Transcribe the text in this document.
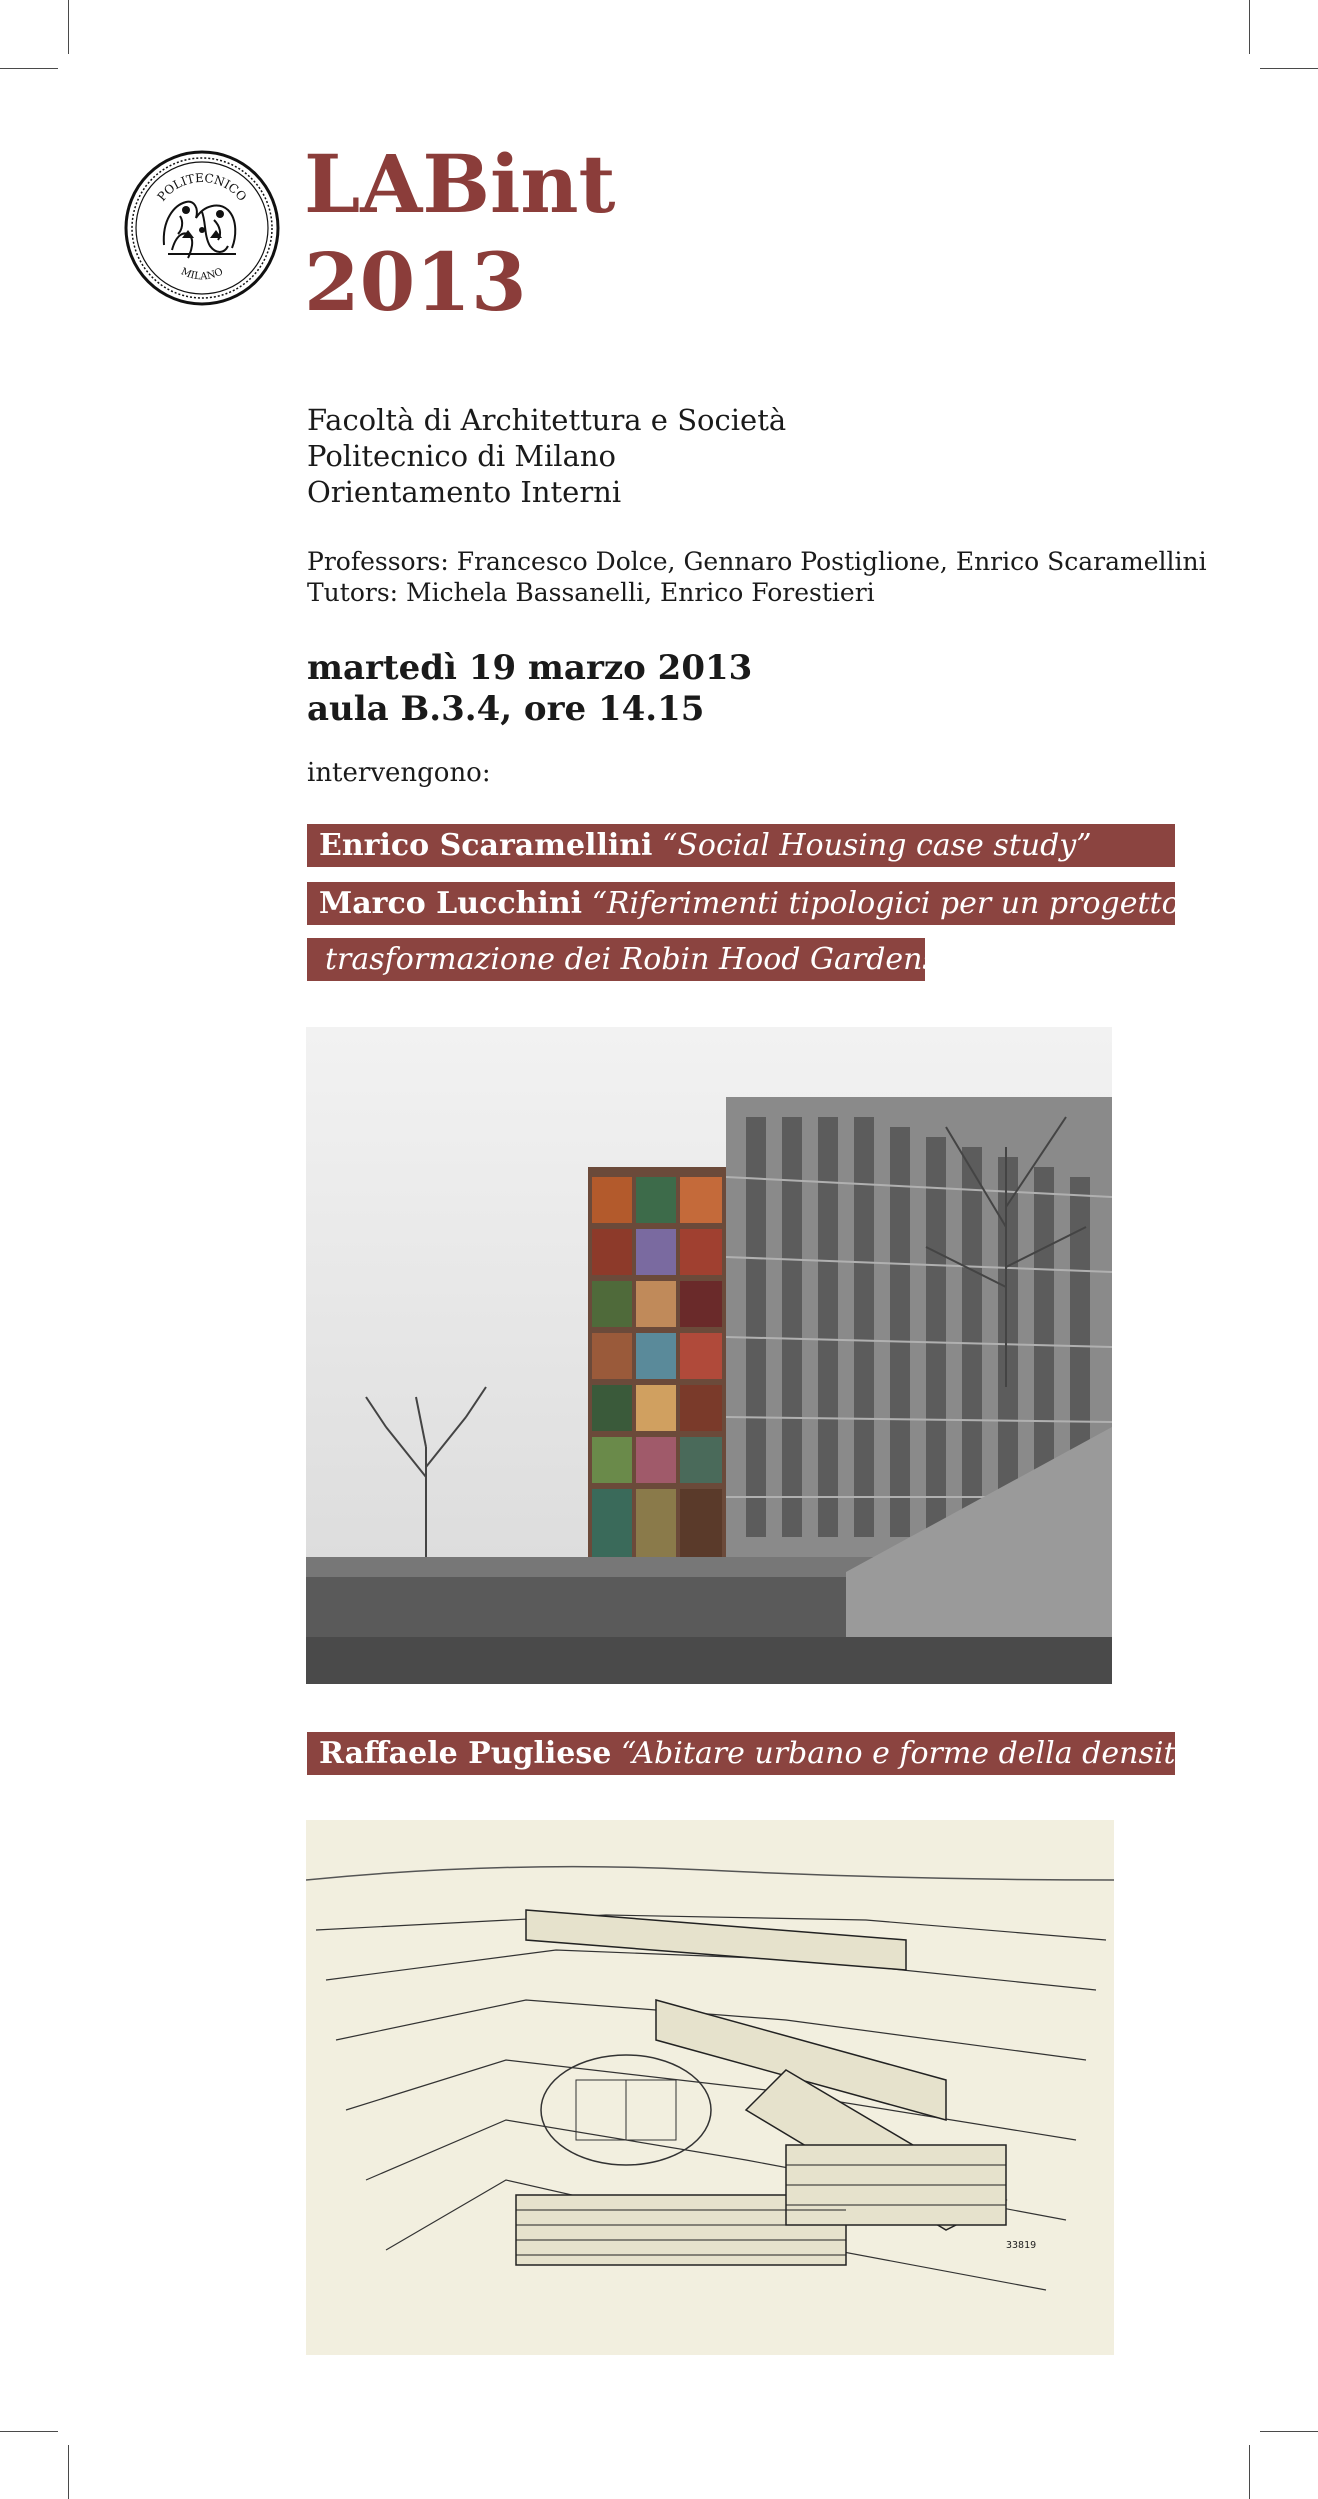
POLITECNICO
MILANO
LABint
2013
Facoltà di Architettura e Società
Politecnico di Milano
Orientamento Interni
Professors: Francesco Dolce, Gennaro Postiglione, Enrico Scaramellini
Tutors: Michela Bassanelli, Enrico Forestieri
martedì 19 marzo 2013
aula B.3.4, ore 14.15
intervengono:
Enrico Scaramellini “Social Housing case study”
Marco Lucchini “Riferimenti tipologici per un progetto di
trasformazione dei Robin Hood Gardens”
Raffaele Pugliese “Abitare urbano e forme della densità”
33819
